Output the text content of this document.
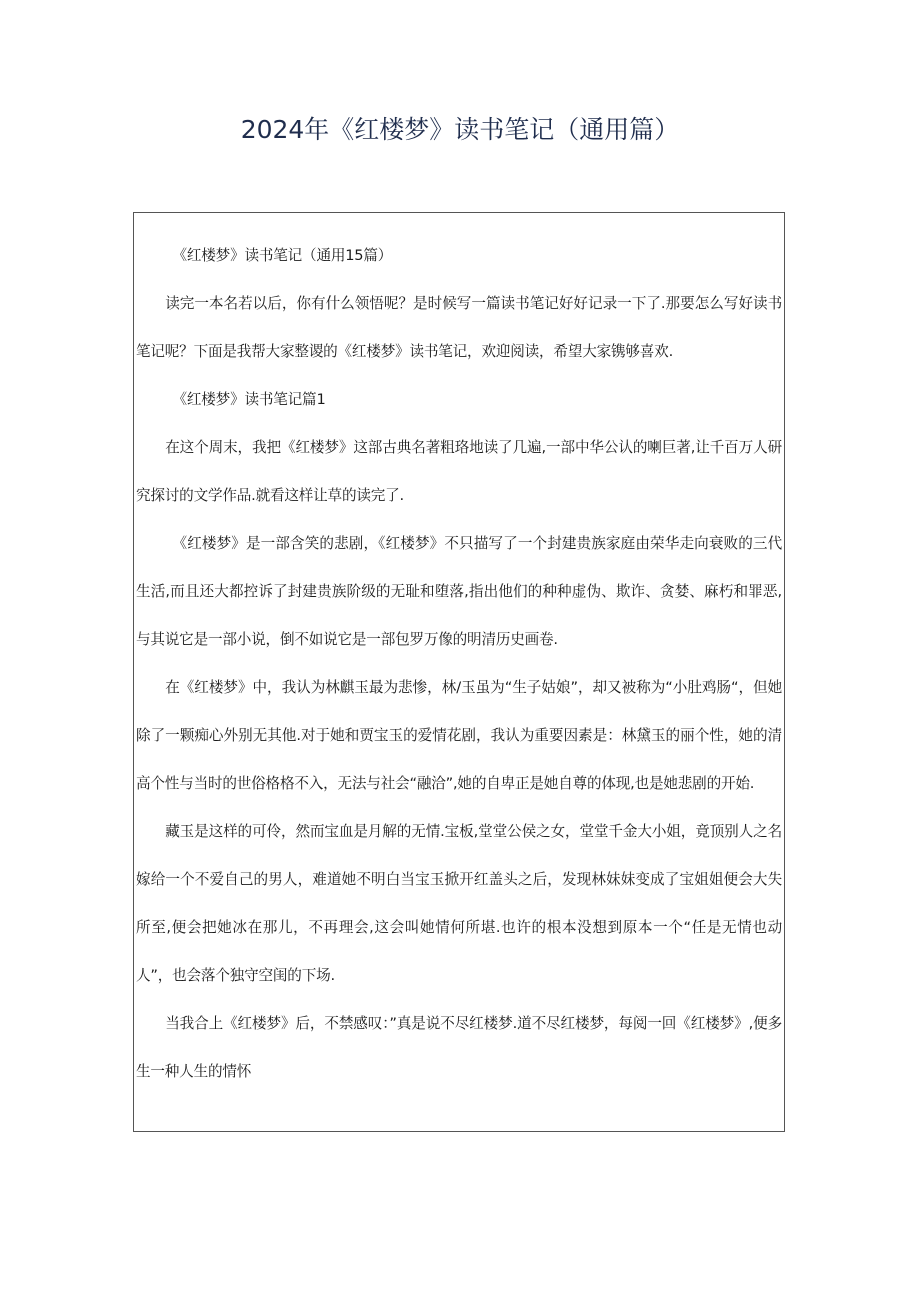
2024年《红楼梦》读书笔记（通用篇）

《红楼梦》读书笔记（通用15篇）

读完一本名若以后，你有什么领悟呢？是时候写一篇读书笔记好好记录一下了.那要怎么写好读书笔记呢？下面是我帮大家整谡的《红楼梦》读书笔记，欢迎阅读，希望大家镌够喜欢.

《红楼梦》读书笔记篇1

在这个周末，我把《红楼梦》这部古典名著粗珞地读了几遍,一部中华公认的喇巨著,让千百万人研究探讨的文学作品.就看这样让草的读完了.

《红楼梦》是一部含笑的悲剧，《红楼梦》不只描写了一个封建贵族家庭由荣华走向衰败的三代生活,而且还大都控诉了封建贵族阶级的无耻和堕落,指出他们的种种虚伪、欺诈、贪婪、麻朽和罪恶,与其说它是一部小说，倒不如说它是一部包罗万像的明清历史画卷.

在《红楼梦》中，我认为林麒玉最为悲惨，林/玉虽为“生子姑娘”，却又被称为“小肚鸡肠“，但她除了一颗痴心外别无其他.对于她和贾宝玉的爱情花剧，我认为重要因素是：林黛玉的丽个性，她的清高个性与当时的世俗格格不入，无法与社会“融洽”,她的自卑正是她自尊的体现,也是她悲剧的开始.

藏玉是这样的可伶，然而宝血是月解的无情.宝板,堂堂公侯之女，堂堂千金大小姐，竟顶别人之名嫁给一个不爱自己的男人，难道她不明白当宝玉掀开红盖头之后，发现林妹妹变成了宝姐姐便会大失所至,便会把她冰在那儿，不再理会,这会叫她情何所堪.也许的根本没想到原本一个“任是无情也动人”，也会落个独守空闺的下场.

当我合上《红楼梦》后，不禁感叹：”真是说不尽红楼梦.道不尽红楼梦，每阅一回《红楼梦》,便多生一种人生的情怀
